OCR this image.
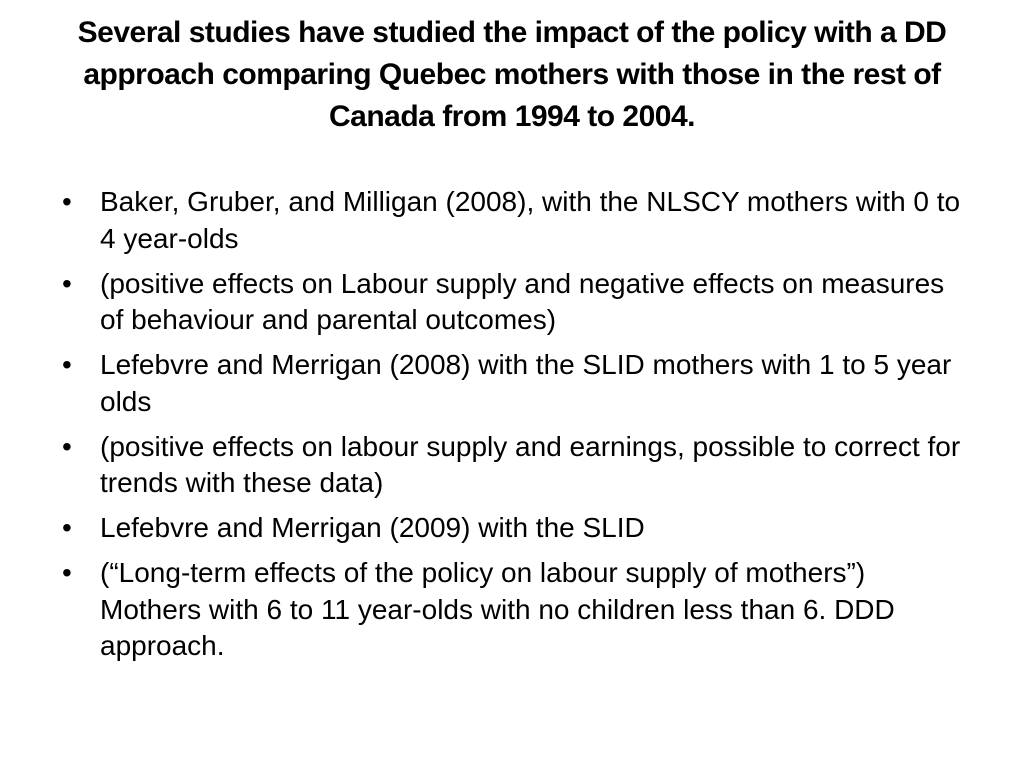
Several studies have studied the impact of the policy with a DD approach comparing Quebec mothers with those in the rest of Canada from 1994 to 2004.
•	Baker, Gruber, and Milligan (2008), with the NLSCY mothers with 0 to 4 year-olds
•	(positive effects on Labour supply and negative effects on measures of behaviour and parental outcomes)
•	Lefebvre and Merrigan (2008) with the SLID mothers with 1 to 5 year olds
•	(positive effects on labour supply and earnings, possible to correct for trends with these data)
•	Lefebvre and Merrigan (2009) with the SLID
•	(“Long-term effects of the policy on labour supply of mothers”) Mothers with 6 to 11 year-olds with no children less than 6. DDD approach.
